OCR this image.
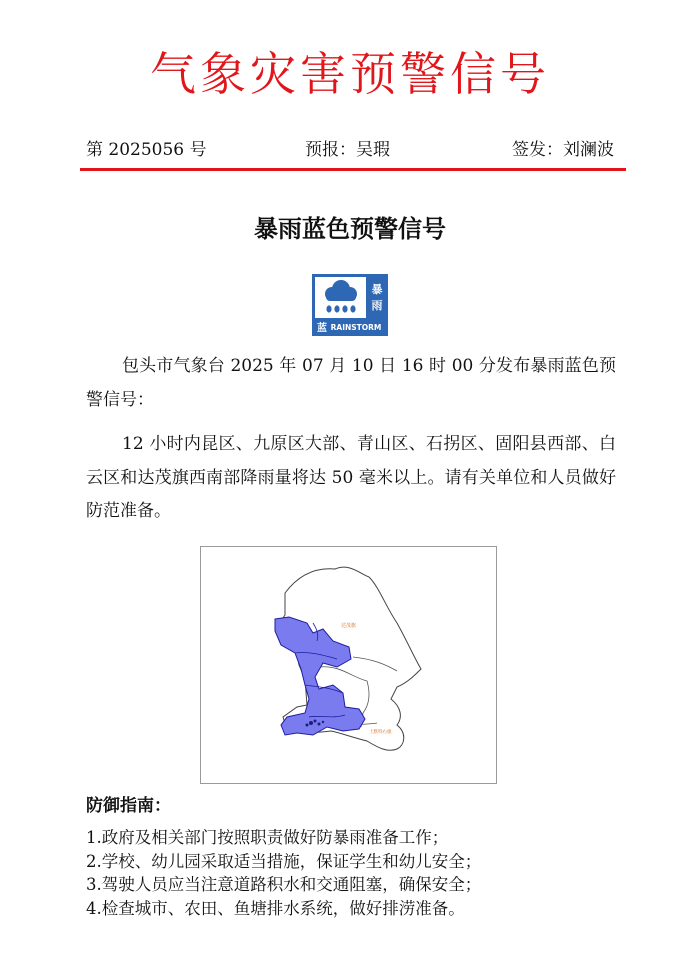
气象灾害预警信号
第 2025056 号	预报：吴瑕	签发：刘澜波
暴雨蓝色预警信号
暴
雨
蓝 RAINSTORM

包头市气象台 2025 年 07 月 10 日 16 时 00 分发布暴雨蓝色预警信号：

12 小时内昆区、九原区大部、青山区、石拐区、固阳县西部、白云区和达茂旗西南部降雨量将达 50 毫米以上。请有关单位和人员做好防范准备。

达茂旗
土默特右旗
防御指南：
1.政府及相关部门按照职责做好防暴雨准备工作；
2.学校、幼儿园采取适当措施，保证学生和幼儿安全；
3.驾驶人员应当注意道路积水和交通阻塞，确保安全；
4.检查城市、农田、鱼塘排水系统，做好排涝准备。
